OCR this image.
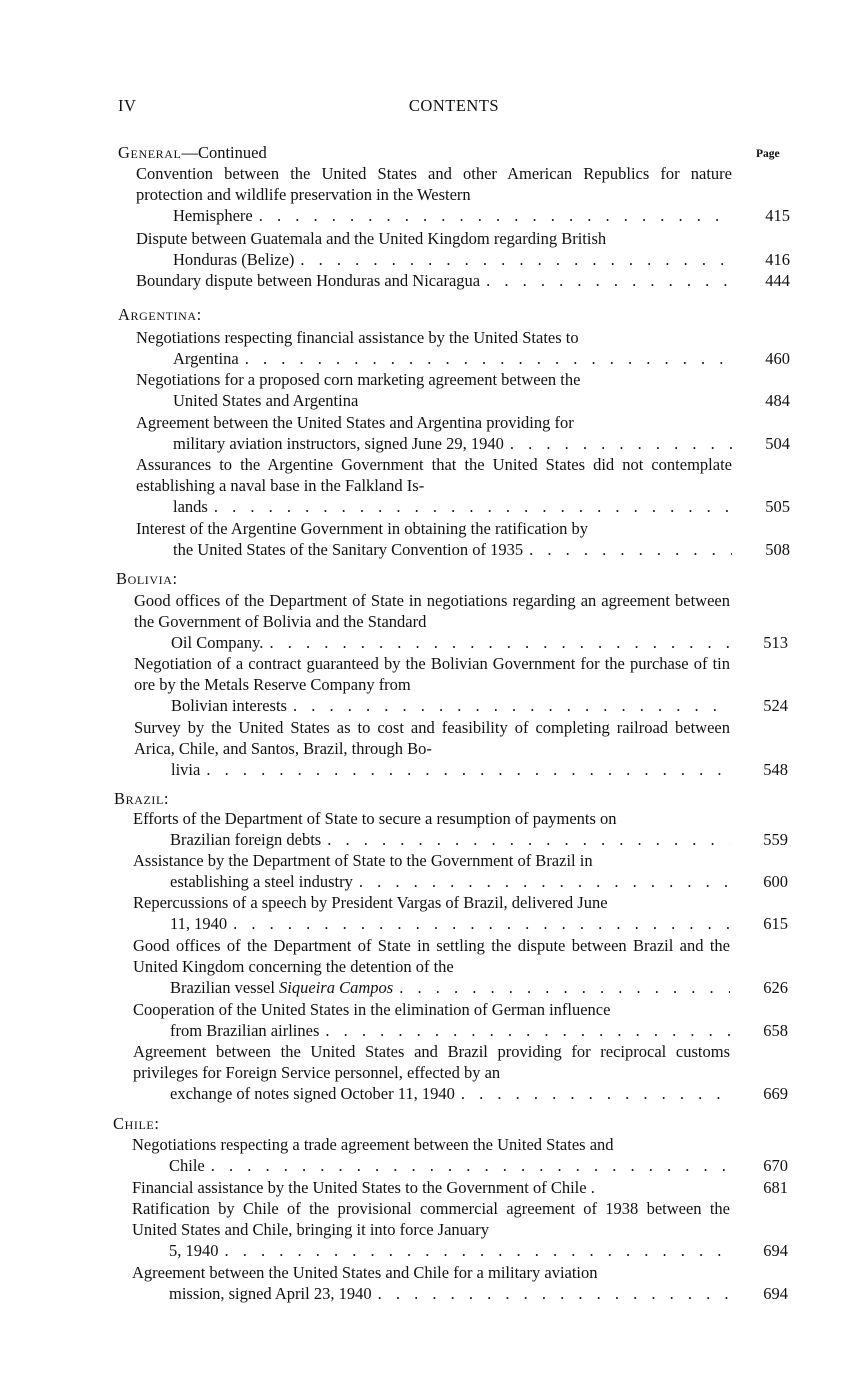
IV	CONTENTS
Page
General—Continued
Convention between the United States and other American Republics for nature protection and wildlife preservation in the Western
Hemisphere . . .	415
Dispute between Guatemala and the United Kingdom regarding British
Honduras (Belize) . . .	416
Boundary dispute between Honduras and Nicaragua . . .	444
Argentina:
Negotiations respecting financial assistance by the United States to
Argentina . . .	460
Negotiations for a proposed corn marketing agreement between the
United States and Argentina	484
Agreement between the United States and Argentina providing for
military aviation instructors, signed June 29, 1940 . . .	504
Assurances to the Argentine Government that the United States did not contemplate establishing a naval base in the Falkland Is-
lands . . .	505
Interest of the Argentine Government in obtaining the ratification by
the United States of the Sanitary Convention of 1935 . . .	508
Bolivia:
Good offices of the Department of State in negotiations regarding an agreement between the Government of Bolivia and the Standard
Oil Company. . . .	513
Negotiation of a contract guaranteed by the Bolivian Government for the purchase of tin ore by the Metals Reserve Company from
Bolivian interests . . .	524
Survey by the United States as to cost and feasibility of completing railroad between Arica, Chile, and Santos, Brazil, through Bo-
livia . . .	548
Brazil:
Efforts of the Department of State to secure a resumption of payments on
Brazilian foreign debts . . .	559
Assistance by the Department of State to the Government of Brazil in
establishing a steel industry . . .	600
Repercussions of a speech by President Vargas of Brazil, delivered June
11, 1940 . . .	615
Good offices of the Department of State in settling the dispute between Brazil and the United Kingdom concerning the detention of the
Brazilian vessel Siqueira Campos . . .	626
Cooperation of the United States in the elimination of German influence
from Brazilian airlines . . .	658
Agreement between the United States and Brazil providing for reciprocal customs privileges for Foreign Service personnel, effected by an
exchange of notes signed October 11, 1940 . . .	669
Chile:
Negotiations respecting a trade agreement between the United States and
Chile . . .	670
Financial assistance by the United States to the Government of Chile .	681
Ratification by Chile of the provisional commercial agreement of 1938 between the United States and Chile, bringing it into force January
5, 1940 . . .	694
Agreement between the United States and Chile for a military aviation
mission, signed April 23, 1940 . . .	694
